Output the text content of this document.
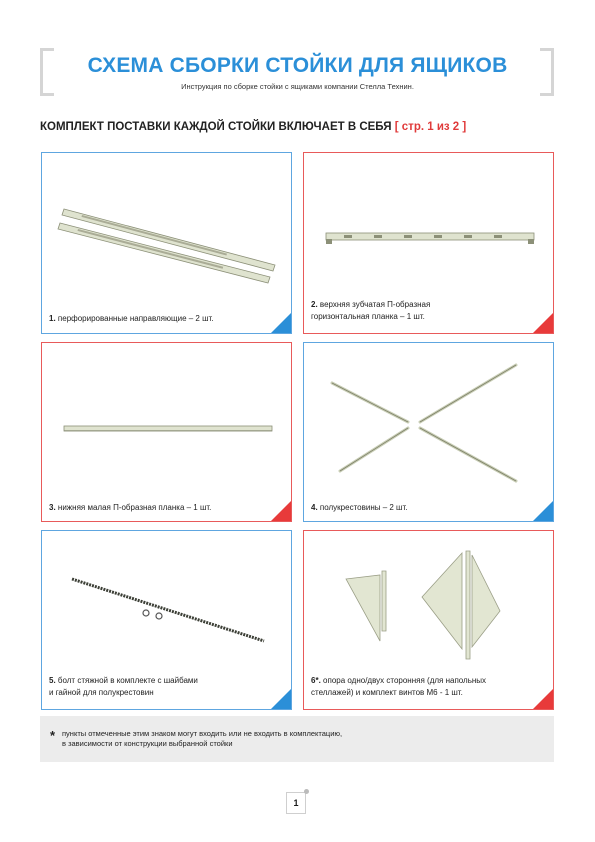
СХЕМА СБОРКИ СТОЙКИ ДЛЯ ЯЩИКОВ
Инструкция по сборке стойки с ящиками компании Стелла Технин.
КОМПЛЕКТ ПОСТАВКИ КАЖДОЙ СТОЙКИ ВКЛЮЧАЕТ В СЕБЯ [ стр. 1 из 2 ]
1. перфорированные направляющие – 2 шт.
2. верхняя зубчатая П-образная
горизонтальная планка – 1 шт.
3. нижняя малая П-образная планка – 1 шт.	4. полукрестовины – 2 шт.
5. болт стяжной в комплекте с шайбами
и гайной для полукрестовин
6*. опора одно/двух сторонняя (для напольных
стеллажей) и комплект винтов М6 - 1 шт.
* пункты отмеченные этим знаком могут входить или не входить в комплектацию,
в зависимости от конструкции выбранной стойки
1
